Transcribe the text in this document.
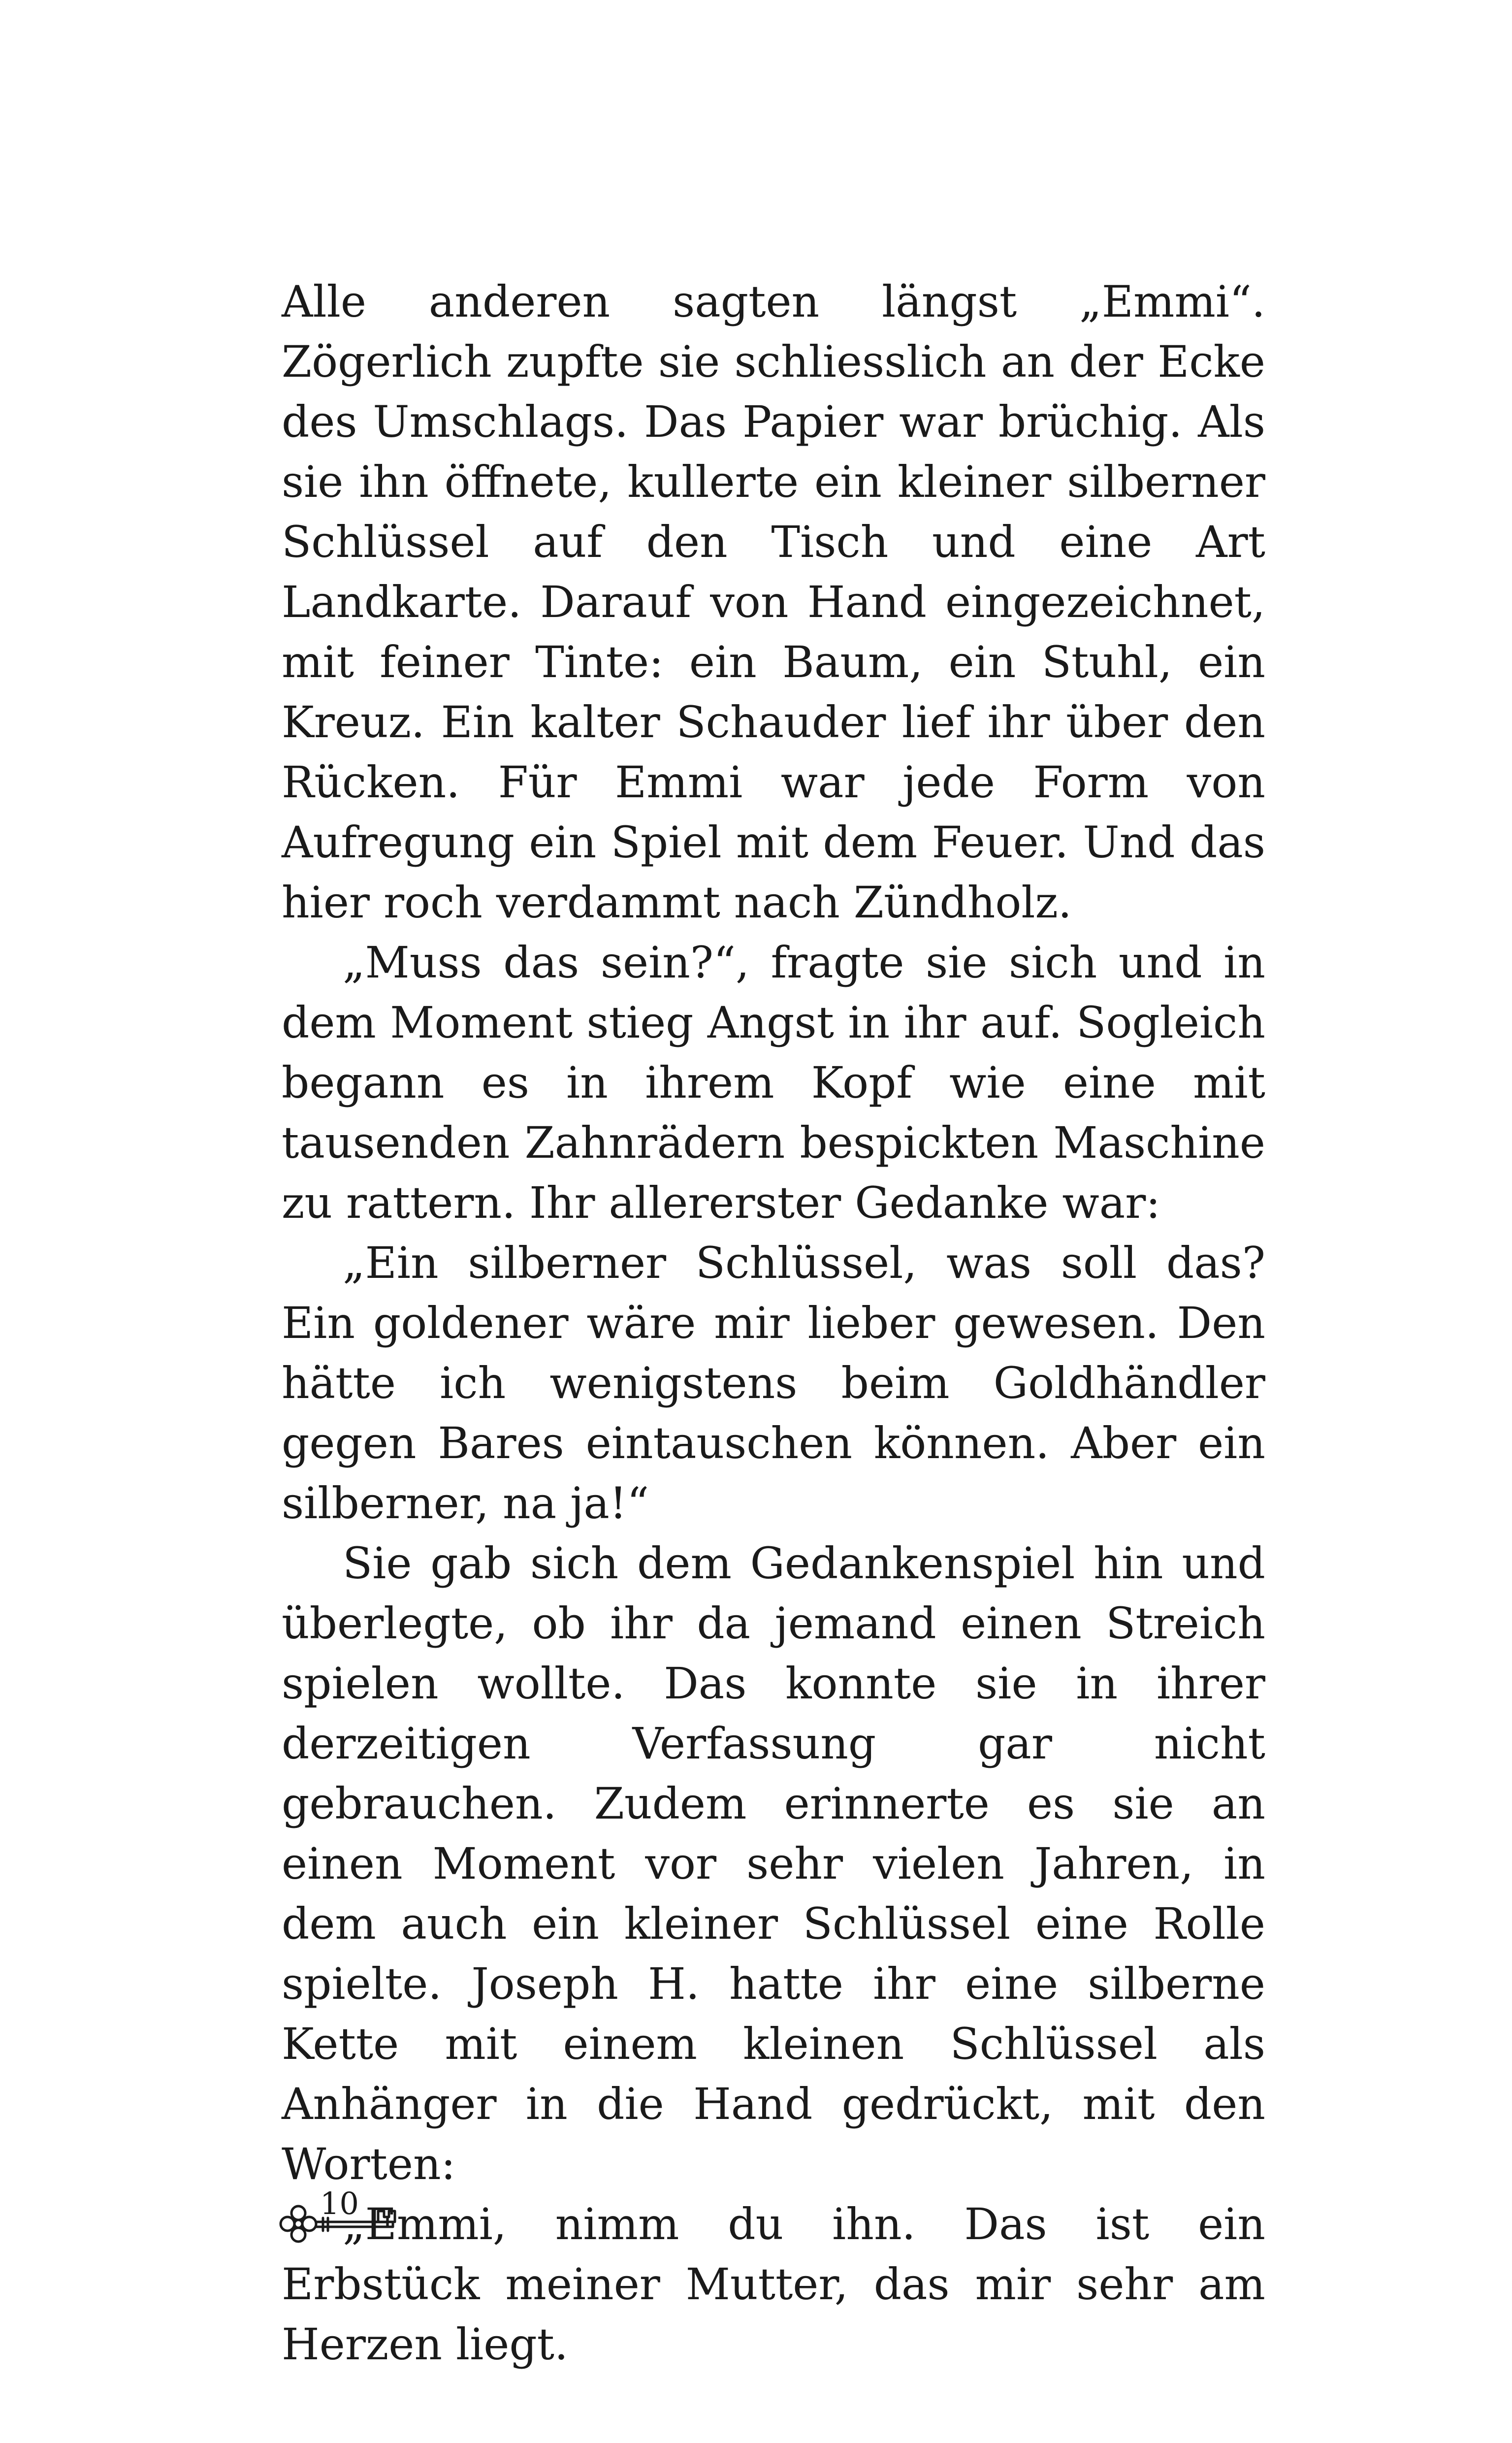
Alle anderen sagten längst „Emmi“. Zögerlich zupfte sie schliesslich an der Ecke des Umschlags. Das Papier war brüchig. Als sie ihn öffnete, kullerte ein kleiner silberner Schlüssel auf den Tisch und eine Art Landkarte. Darauf von Hand eingezeichnet, mit feiner Tinte: ein Baum, ein Stuhl, ein Kreuz. Ein kalter Schauder lief ihr über den Rücken. Für Emmi war jede Form von Aufregung ein Spiel mit dem Feuer. Und das hier roch verdammt nach Zündholz.

„Muss das sein?“, fragte sie sich und in dem Moment stieg Angst in ihr auf. Sogleich begann es in ihrem Kopf wie eine mit tausenden Zahnrädern bespickten Maschine zu rattern. Ihr allererster Gedanke war:

„Ein silberner Schlüssel, was soll das? Ein goldener wäre mir lieber gewesen. Den hätte ich wenigstens beim Goldhändler gegen Bares eintauschen können. Aber ein silberner, na ja!“

Sie gab sich dem Gedankenspiel hin und überlegte, ob ihr da jemand einen Streich spielen wollte. Das konnte sie in ihrer derzeitigen Verfassung gar nicht gebrauchen. Zudem erinnerte es sie an einen Moment vor sehr vielen Jahren, in dem auch ein kleiner Schlüssel eine Rolle spielte. Joseph H. hatte ihr eine silberne Kette mit einem kleinen Schlüssel als Anhänger in die Hand gedrückt, mit den Worten:

„Emmi, nimm du ihn. Das ist ein Erbstück meiner Mutter, das mir sehr am Herzen liegt.

10
